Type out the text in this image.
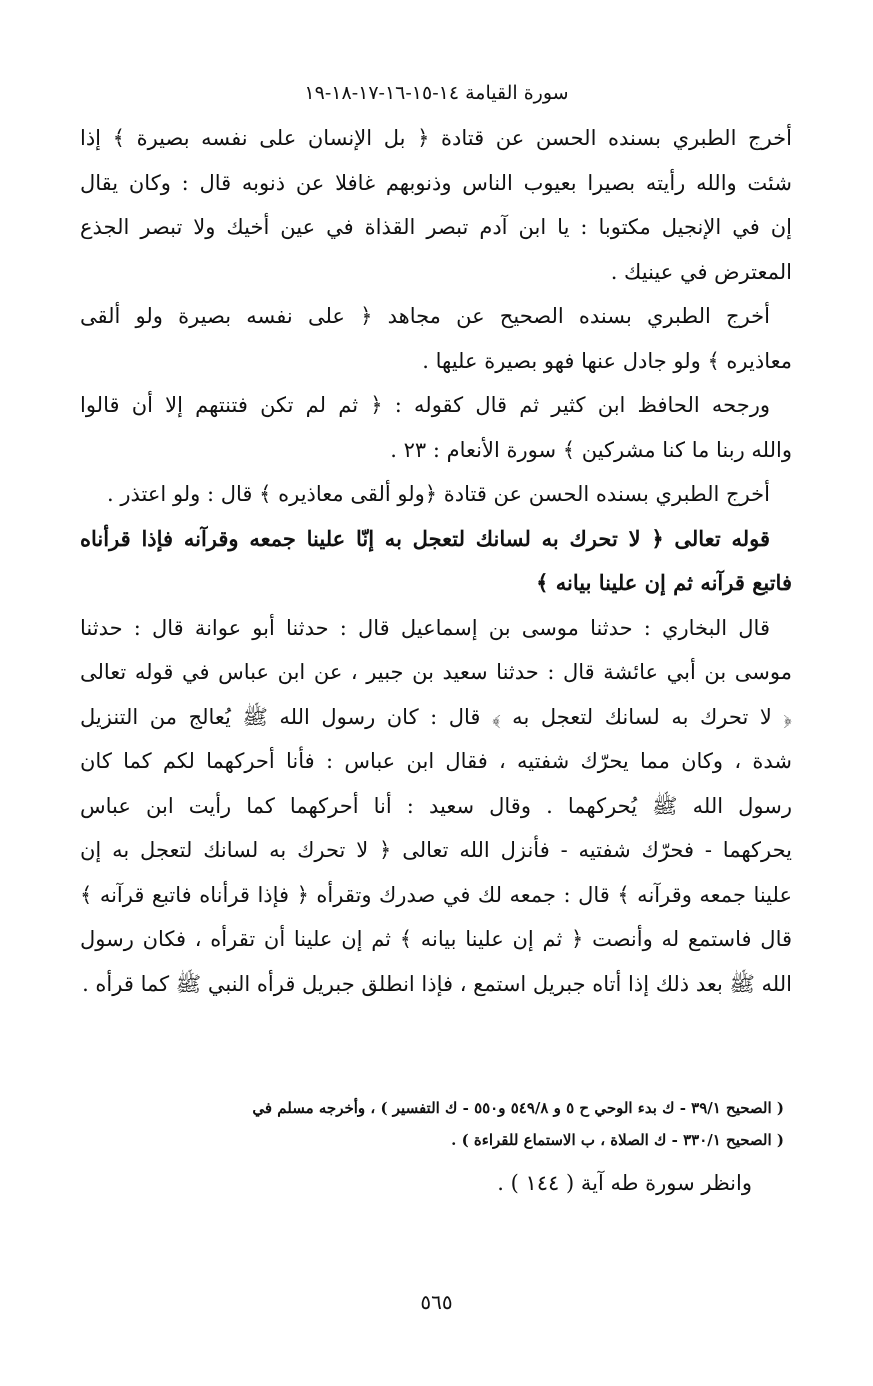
سورة القيامة ١٤-١٥-١٦-١٧-١٨-١٩
أخرج الطبري بسنده الحسن عن قتادة ﴿ بل الإنسان على نفسه بصيرة ﴾ إذا
شئت والله رأيته بصيرا بعيوب الناس وذنوبهم غافلا عن ذنوبه قال : وكان يقال
إن في الإنجيل مكتوبا : يا ابن آدم تبصر القذاة في عين أخيك ولا تبصر الجذع
المعترض في عينيك .
أخرج الطبري بسنده الصحيح عن مجاهد ﴿ على نفسه بصيرة ولو ألقى
معاذيره ﴾ ولو جادل عنها فهو بصيرة عليها .
ورجحه الحافظ ابن كثير ثم قال كقوله : ﴿ ثم لم تكن فتنتهم إلا أن قالوا
والله ربنا ما كنا مشركين ﴾ سورة الأنعام : ٢٣ .
أخرج الطبري بسنده الحسن عن قتادة ﴿ولو ألقى معاذيره ﴾ قال : ولو اعتذر .
قوله تعالى ﴿ لا تحرك به لسانك لتعجل به إنّا علينا جمعه وقرآنه فإذا قرأناه
فاتبع قرآنه ثم إن علينا بيانه ﴾
قال البخاري : حدثنا موسى بن إسماعيل قال : حدثنا أبو عوانة قال : حدثنا
موسى بن أبي عائشة قال : حدثنا سعيد بن جبير ، عن ابن عباس في قوله تعالى
﴿ لا تحرك به لسانك لتعجل به ﴾ قال : كان رسول الله ﷺ يُعالج من التنزيل
شدة ، وكان مما يحرّك شفتيه ، فقال ابن عباس : فأنا أحركهما لكم كما كان
رسول الله ﷺ يُحركهما . وقال سعيد : أنا أحركهما كما رأيت ابن عباس
يحركهما - فحرّك شفتيه - فأنزل الله تعالى ﴿ لا تحرك به لسانك لتعجل به إن
علينا جمعه وقرآنه ﴾ قال : جمعه لك في صدرك وتقرأه ﴿ فإذا قرأناه فاتبع قرآنه ﴾
قال فاستمع له وأنصت ﴿ ثم إن علينا بيانه ﴾ ثم إن علينا أن تقرأه ، فكان رسول
الله ﷺ بعد ذلك إذا أتاه جبريل استمع ، فإذا انطلق جبريل قرأه النبي ﷺ كما قرأه .
( الصحيح ٣٩/١ - ك بدء الوحي ح ٥ و ٥٤٩/٨ و٥٥٠ - ك التفسير ) ، وأخرجه مسلم في
( الصحيح ٣٣٠/١ - ك الصلاة ، ب الاستماع للقراءة ) .
وانظر سورة طه آية ( ١٤٤ ) .
٥٦٥
